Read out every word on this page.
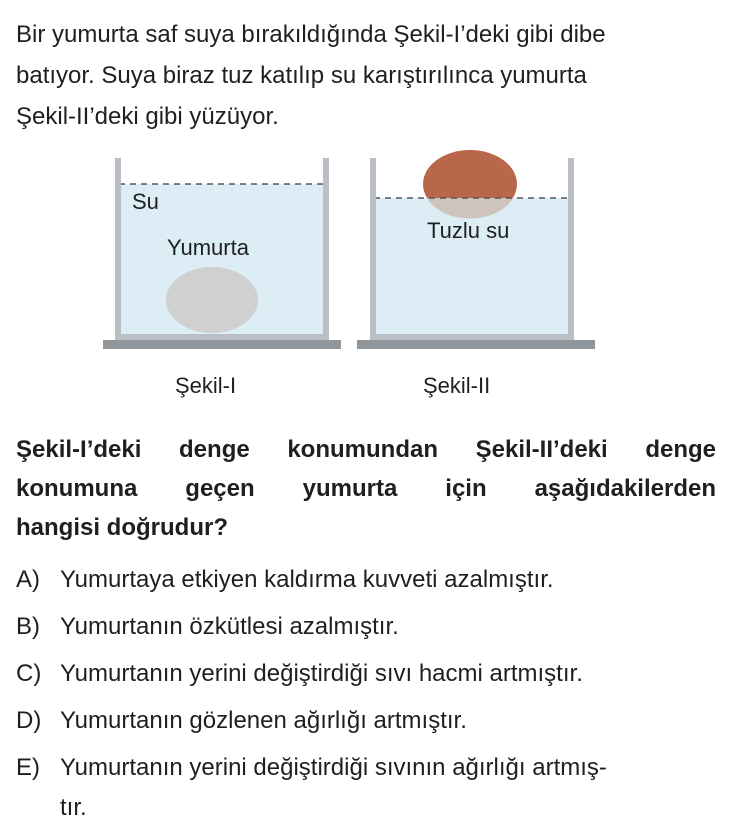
Bir yumurta saf suya bırakıldığında Şekil-I’deki gibi dibe
batıyor. Suya biraz tuz katılıp su karıştırılınca yumurta
Şekil-II’deki gibi yüzüyor.
Su
Yumurta
Tuzlu su
Şekil-I	Şekil-II
Şekil-I’deki denge konumundan Şekil-II’deki denge
konumuna geçen yumurta için aşağıdakilerden
hangisi doğrudur?
A) Yumurtaya etkiyen kaldırma kuvveti azalmıştır.
B) Yumurtanın özkütlesi azalmıştır.
C) Yumurtanın yerini değiştirdiği sıvı hacmi artmıştır.
D) Yumurtanın gözlenen ağırlığı artmıştır.
E) Yumurtanın yerini değiştirdiği sıvının ağırlığı artmış-
tır.
